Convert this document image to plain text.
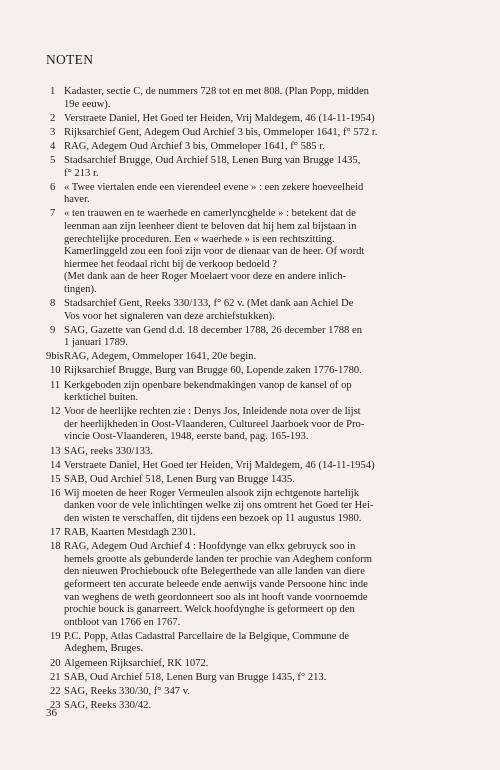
NOTEN
1 Kadaster, sectie C, de nummers 728 tot en met 808. (Plan Popp, midden
19e eeuw).
2 Verstraete Daniel, Het Goed ter Heiden, Vrij Maldegem, 46 (14-11-1954)
3 Rijksarchief Gent, Adegem Oud Archief 3 bis, Ommeloper 1641, f° 572 r.
4 RAG, Adegem Oud Archief 3 bis, Ommeloper 1641, f° 585 r.
5 Stadsarchief Brugge, Oud Archief 518, Lenen Burg van Brugge 1435,
f° 213 r.
6 « Twee viertalen ende een vierendeel evene » : een zekere hoeveelheid
haver.
7 « ten trauwen en te waerhede en camerlyncghelde » : betekent dat de
leenman aan zijn leenheer dient te beloven dat hij hem zal bijstaan in
gerechtelijke proceduren. Een « waerhede » is een rechtszitting.
Kamerlinggeld zou een fooi zijn voor de dienaar van de heer. Of wordt
hiermee het feodaal richt bij de verkoop bedoeld ?
(Met dank aan de heer Roger Moelaert voor deze en andere inlich-
tingen).
8 Stadsarchief Gent, Reeks 330/133, f° 62 v. (Met dank aan Achiel De
Vos voor het signaleren van deze archiefstukken).
9 SAG, Gazette van Gend d.d. 18 december 1788, 26 december 1788 en
1 januari 1789.
9bis RAG, Adegem, Ommeloper 1641, 20e begin.
10 Rijksarchief Brugge, Burg van Brugge 60, Lopende zaken 1776-1780.
11 Kerkgeboden zijn openbare bekendmakingen vanop de kansel of op
kerktichel buiten.
12 Voor de heerlijke rechten zie : Denys Jos, Inleidende nota over de lijst
der heerlijkheden in Oost-Vlaanderen, Cultureel Jaarboek voor de Pro-
vincie Oost-Vlaanderen, 1948, eerste band, pag. 165-193.
13 SAG, reeks 330/133.
14 Verstraete Daniel, Het Goed ter Heiden, Vrij Maldegem, 46 (14-11-1954)
15 SAB, Oud Archief 518, Lenen Burg van Brugge 1435.
16 Wij moeten de heer Roger Vermeulen alsook zijn echtgenote hartelijk
danken voor de vele inlichtingen welke zij ons omtrent het Goed ter Hei-
den wisten te verschaffen, dit tijdens een bezoek op 11 augustus 1980.
17 RAB, Kaarten Mestdagh 2301.
18 RAG, Adegem Oud Archief 4 : Hoofdynge van elkx gebruyck soo in
hemels grootte als gebunderde landen ter prochie van Adeghem conform
den nieuwen Prochiebouck ofte Belegerthede van alle landen van diere
geformeert ten accurate beleede ende aenwijs vande Persoone hinc inde
van weghens de weth geordonneert soo als int hooft vande voornoemde
prochie bouck is ganarreert. Welck hoofdynghe is geformeert op den
ontbloot van 1766 en 1767.
19 P.C. Popp, Atlas Cadastral Parcellaire de la Belgique, Commune de
Adeghem, Bruges.
20 Algemeen Rijksarchief, RK 1072.
21 SAB, Oud Archief 518, Lenen Burg van Brugge 1435, f° 213.
22 SAG, Reeks 330/30, f° 347 v.
23 SAG, Reeks 330/42.
36
